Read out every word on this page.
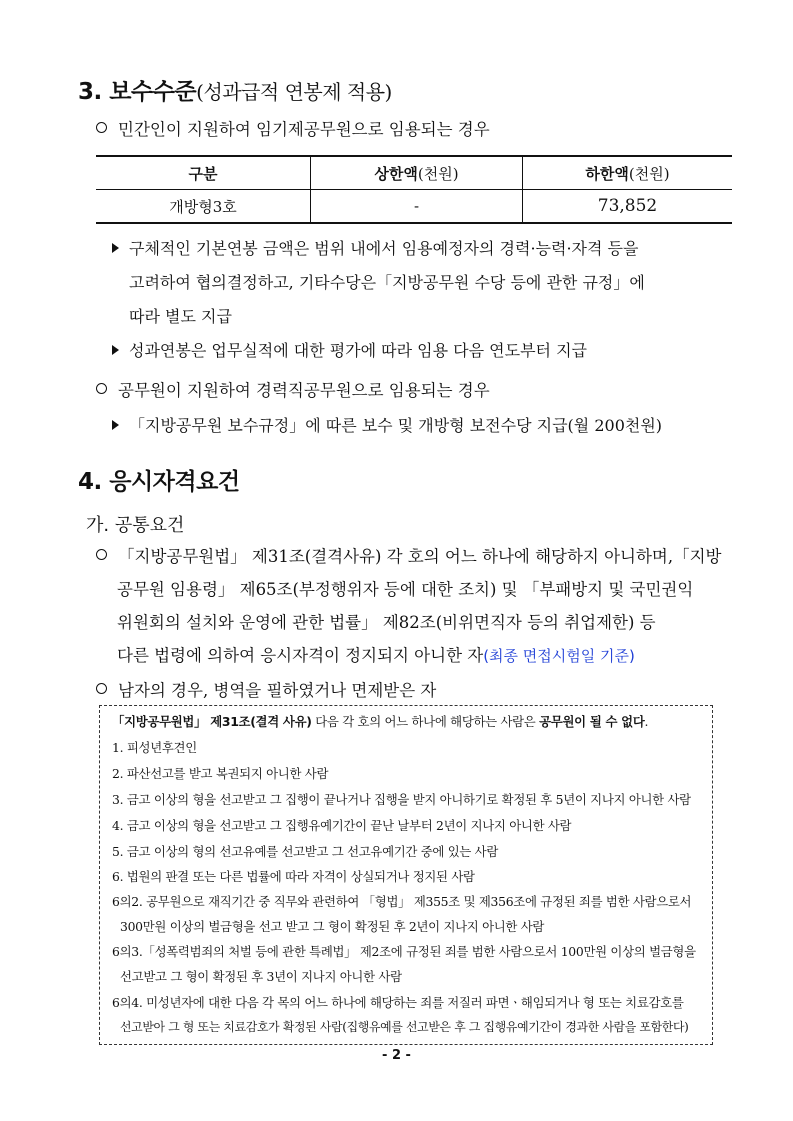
3. 보수수준(성과급적 연봉제 적용)
민간인이 지원하여 임기제공무원으로 임용되는 경우
구분	상한액(천원)	하한액(천원)
개방형3호	-	73,852
구체적인 기본연봉 금액은 범위 내에서 임용예정자의 경력·능력·자격 등을
고려하여 협의결정하고, 기타수당은「지방공무원 수당 등에 관한 규정」에
따라 별도 지급
성과연봉은 업무실적에 대한 평가에 따라 임용 다음 연도부터 지급
공무원이 지원하여 경력직공무원으로 임용되는 경우
「지방공무원 보수규정」에 따른 보수 및 개방형 보전수당 지급(월 200천원)
4. 응시자격요건
가. 공통요건
「지방공무원법」 제31조(결격사유) 각 호의 어느 하나에 해당하지 아니하며,「지방
공무원 임용령」 제65조(부정행위자 등에 대한 조치) 및 「부패방지 및 국민권익
위원회의 설치와 운영에 관한 법률」 제82조(비위면직자 등의 취업제한) 등
다른 법령에 의하여 응시자격이 정지되지 아니한 자(최종 면접시험일 기준)
남자의 경우, 병역을 필하였거나 면제받은 자
「지방공무원법」 제31조(결격 사유) 다음 각 호의 어느 하나에 해당하는 사람은 공무원이 될 수 없다.
1. 피성년후견인
2. 파산선고를 받고 복권되지 아니한 사람
3. 금고 이상의 형을 선고받고 그 집행이 끝나거나 집행을 받지 아니하기로 확정된 후 5년이 지나지 아니한 사람
4. 금고 이상의 형을 선고받고 그 집행유예기간이 끝난 날부터 2년이 지나지 아니한 사람
5. 금고 이상의 형의 선고유예를 선고받고 그 선고유예기간 중에 있는 사람
6. 법원의 판결 또는 다른 법률에 따라 자격이 상실되거나 정지된 사람
6의2. 공무원으로 재직기간 중 직무와 관련하여 「형법」 제355조 및 제356조에 규정된 죄를 범한 사람으로서
300만원 이상의 벌금형을 선고 받고 그 형이 확정된 후 2년이 지나지 아니한 사람
6의3.「성폭력범죄의 처벌 등에 관한 특례법」 제2조에 규정된 죄를 범한 사람으로서 100만원 이상의 벌금형을
선고받고 그 형이 확정된 후 3년이 지나지 아니한 사람
6의4. 미성년자에 대한 다음 각 목의 어느 하나에 해당하는 죄를 저질러 파면ㆍ해임되거나 형 또는 치료감호를
선고받아 그 형 또는 치료감호가 확정된 사람(집행유예를 선고받은 후 그 집행유예기간이 경과한 사람을 포함한다)
- 2 -
